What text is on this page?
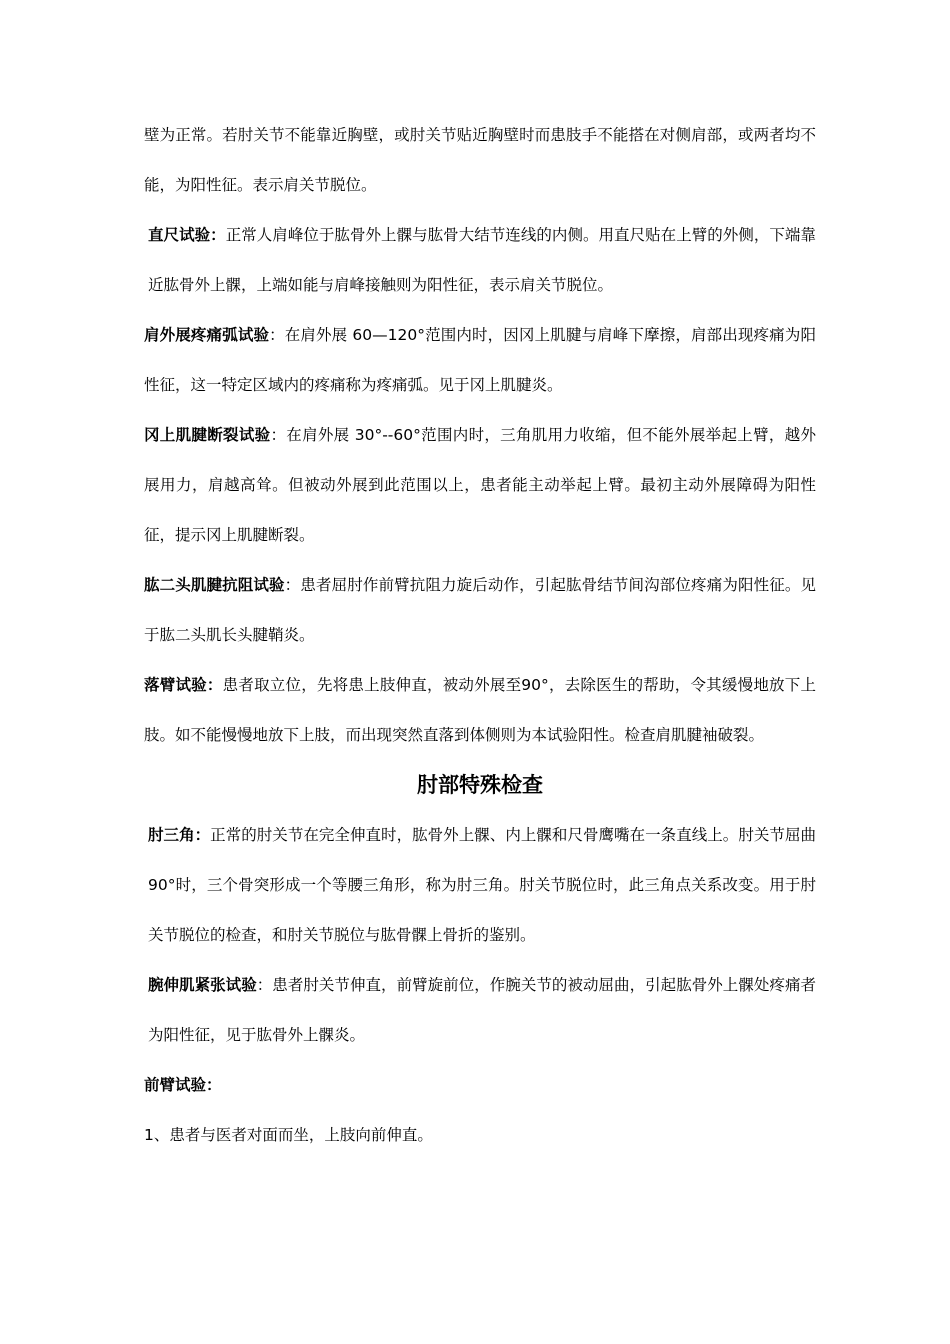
壁为正常。若肘关节不能靠近胸壁，或肘关节贴近胸壁时而患肢手不能搭在对侧肩部，或两者均不能，为阳性征。表示肩关节脱位。

直尺试验：正常人肩峰位于肱骨外上髁与肱骨大结节连线的内侧。用直尺贴在上臂的外侧，下端靠近肱骨外上髁，上端如能与肩峰接触则为阳性征，表示肩关节脱位。

肩外展疼痛弧试验：在肩外展 60—120°范围内时，因冈上肌腱与肩峰下摩擦，肩部出现疼痛为阳性征，这一特定区域内的疼痛称为疼痛弧。见于冈上肌腱炎。

冈上肌腱断裂试验：在肩外展 30°--60°范围内时，三角肌用力收缩，但不能外展举起上臂，越外展用力，肩越高耸。但被动外展到此范围以上，患者能主动举起上臂。最初主动外展障碍为阳性征，提示冈上肌腱断裂。

肱二头肌腱抗阻试验：患者屈肘作前臂抗阻力旋后动作，引起肱骨结节间沟部位疼痛为阳性征。见于肱二头肌长头腱鞘炎。

落臂试验：患者取立位，先将患上肢伸直，被动外展至90°，去除医生的帮助，令其缓慢地放下上肢。如不能慢慢地放下上肢，而出现突然直落到体侧则为本试验阳性。检查肩肌腱袖破裂。

肘部特殊检查

肘三角：正常的肘关节在完全伸直时，肱骨外上髁、内上髁和尺骨鹰嘴在一条直线上。肘关节屈曲 90°时，三个骨突形成一个等腰三角形，称为肘三角。肘关节脱位时，此三角点关系改变。用于肘关节脱位的检查，和肘关节脱位与肱骨髁上骨折的鉴别。

腕伸肌紧张试验：患者肘关节伸直，前臂旋前位，作腕关节的被动屈曲，引起肱骨外上髁处疼痛者为阳性征，见于肱骨外上髁炎。

前臂试验：

1、患者与医者对面而坐，上肢向前伸直。
